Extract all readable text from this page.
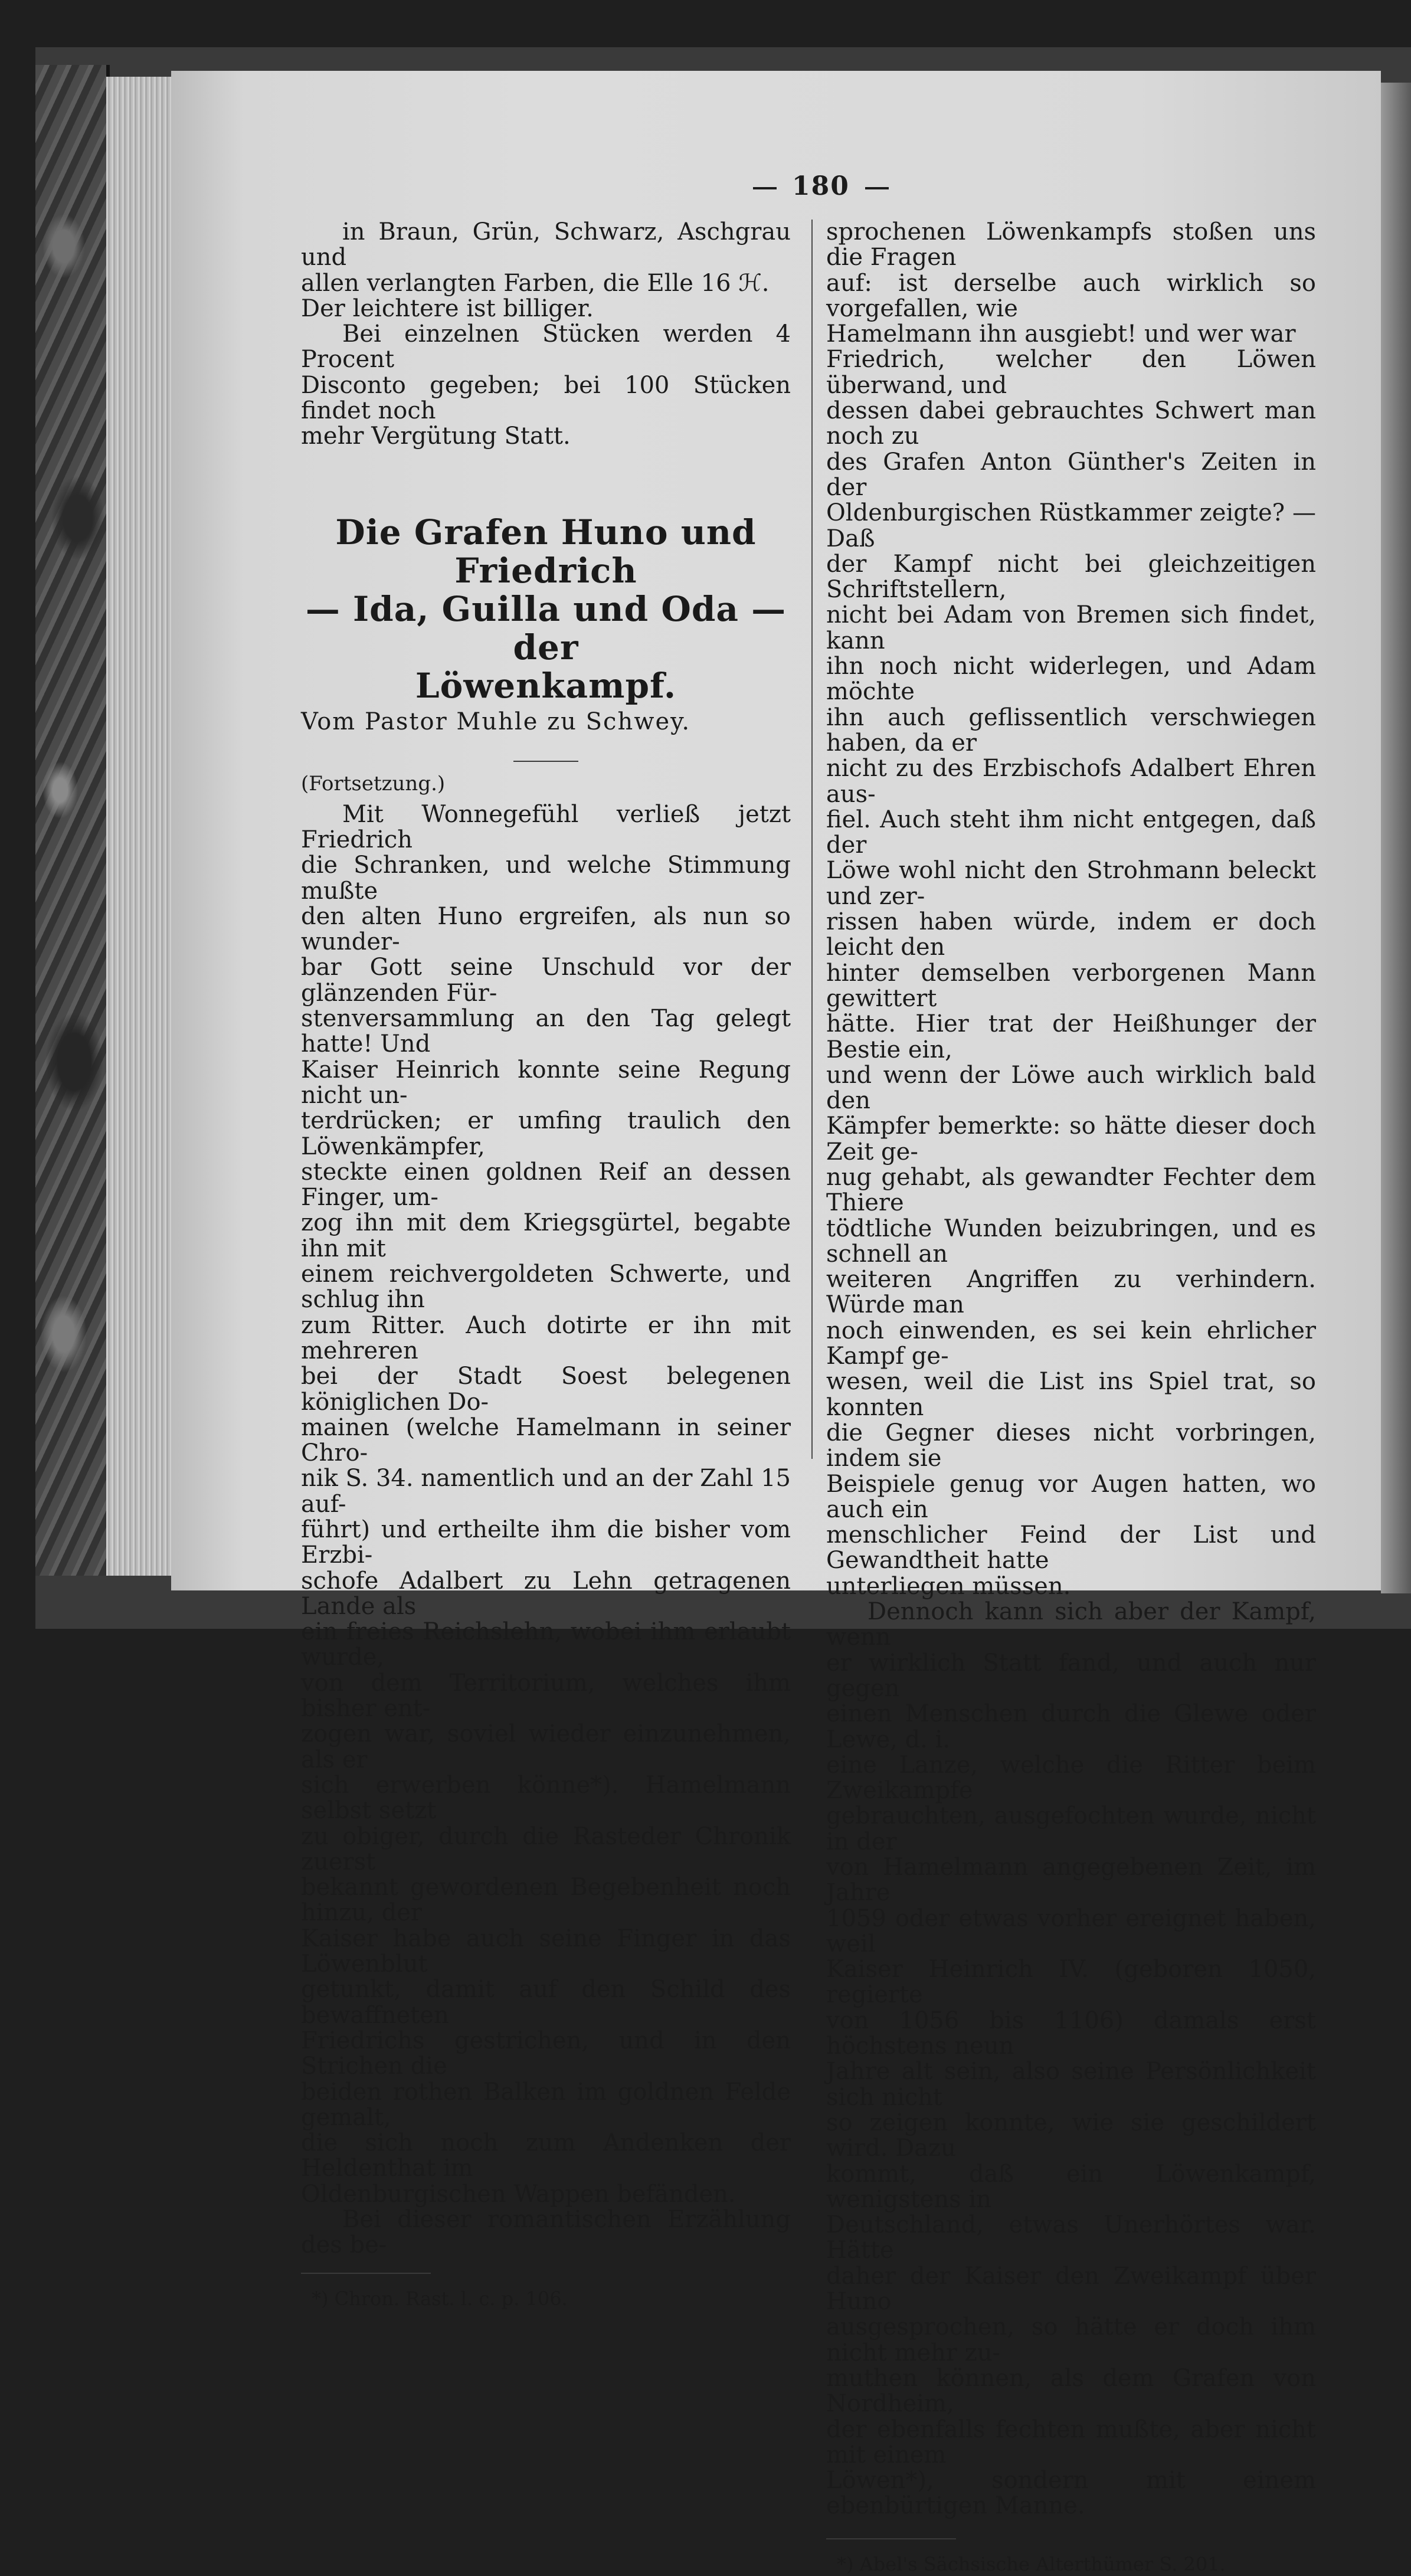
180

in Braun, Grün, Schwarz, Aschgrau und
allen verlangten Farben, die Elle 16 ℋ.
Der leichtere ist billiger.

Bei einzelnen Stücken werden 4 Procent
Disconto gegeben; bei 100 Stücken findet noch
mehr Vergütung Statt.

Die Grafen Huno und Friedrich
— Ida, Guilla und Oda — der
Löwenkampf.

Vom Pastor Muhle zu Schwey.

(Fortsetzung.)

Mit Wonnegefühl verließ jetzt Friedrich
die Schranken, und welche Stimmung mußte
den alten Huno ergreifen, als nun so wunder-
bar Gott seine Unschuld vor der glänzenden Für-
stenversammlung an den Tag gelegt hatte! Und
Kaiser Heinrich konnte seine Regung nicht un-
terdrücken; er umfing traulich den Löwenkämpfer,
steckte einen goldnen Reif an dessen Finger, um-
zog ihn mit dem Kriegsgürtel, begabte ihn mit
einem reichvergoldeten Schwerte, und schlug ihn
zum Ritter. Auch dotirte er ihn mit mehreren
bei der Stadt Soest belegenen königlichen Do-
mainen (welche Hamelmann in seiner Chro-
nik S. 34. namentlich und an der Zahl 15 auf-
führt) und ertheilte ihm die bisher vom Erzbi-
schofe Adalbert zu Lehn getragenen Lande als
ein freies Reichslehn, wobei ihm erlaubt wurde,
von dem Territorium, welches ihm bisher ent-
zogen war, soviel wieder einzunehmen, als er
sich erwerben könne*). Hamelmann selbst setzt
zu obiger, durch die Rasteder Chronik zuerst
bekannt gewordenen Begebenheit noch hinzu, der
Kaiser habe auch seine Finger in das Löwenblut
getunkt, damit auf den Schild des bewaffneten
Friedrichs gestrichen, und in den Strichen die
beiden rothen Balken im goldnen Felde gemalt,
die sich noch zum Andenken der Heldenthat im
Oldenburgischen Wappen befänden.

Bei dieser romantischen Erzählung des be-

*) Chron. Rast. l. c. p. 106.

sprochenen Löwenkampfs stoßen uns die Fragen
auf: ist derselbe auch wirklich so vorgefallen, wie
Hamelmann ihn ausgiebt! und wer war
Friedrich, welcher den Löwen überwand, und
dessen dabei gebrauchtes Schwert man noch zu
des Grafen Anton Günther's Zeiten in der
Oldenburgischen Rüstkammer zeigte? — Daß
der Kampf nicht bei gleichzeitigen Schriftstellern,
nicht bei Adam von Bremen sich findet, kann
ihn noch nicht widerlegen, und Adam möchte
ihn auch geflissentlich verschwiegen haben, da er
nicht zu des Erzbischofs Adalbert Ehren aus-
fiel. Auch steht ihm nicht entgegen, daß der
Löwe wohl nicht den Strohmann beleckt und zer-
rissen haben würde, indem er doch leicht den
hinter demselben verborgenen Mann gewittert
hätte. Hier trat der Heißhunger der Bestie ein,
und wenn der Löwe auch wirklich bald den
Kämpfer bemerkte: so hätte dieser doch Zeit ge-
nug gehabt, als gewandter Fechter dem Thiere
tödtliche Wunden beizubringen, und es schnell an
weiteren Angriffen zu verhindern. Würde man
noch einwenden, es sei kein ehrlicher Kampf ge-
wesen, weil die List ins Spiel trat, so konnten
die Gegner dieses nicht vorbringen, indem sie
Beispiele genug vor Augen hatten, wo auch ein
menschlicher Feind der List und Gewandtheit hatte
unterliegen müssen.

Dennoch kann sich aber der Kampf, wenn
er wirklich Statt fand, und auch nur gegen
einen Menschen durch die Glewe oder Lewe, d. i.
eine Lanze, welche die Ritter beim Zweikampfe
gebrauchten, ausgefochten wurde, nicht in der
von Hamelmann angegebenen Zeit, im Jahre
1059 oder etwas vorher ereignet haben, weil
Kaiser Heinrich IV. (geboren 1050, regierte
von 1056 bis 1106) damals erst höchstens neun
Jahre alt sein, also seine Persönlichkeit sich nicht
so zeigen konnte, wie sie geschildert wird. Dazu
kommt, daß ein Löwenkampf, wenigstens in
Deutschland, etwas Unerhörtes war. Hätte
daher der Kaiser den Zweikampf über Huno
ausgesprochen, so hätte er doch ihm nicht mehr zu-
muthen können, als dem Grafen von Nordheim,
der ebenfalls fechten mußte, aber nicht mit einem
Löwen*), sondern mit einem ebenbürtigen Manne.

*) Abel's Sächsische Alterthümer S. 201.
